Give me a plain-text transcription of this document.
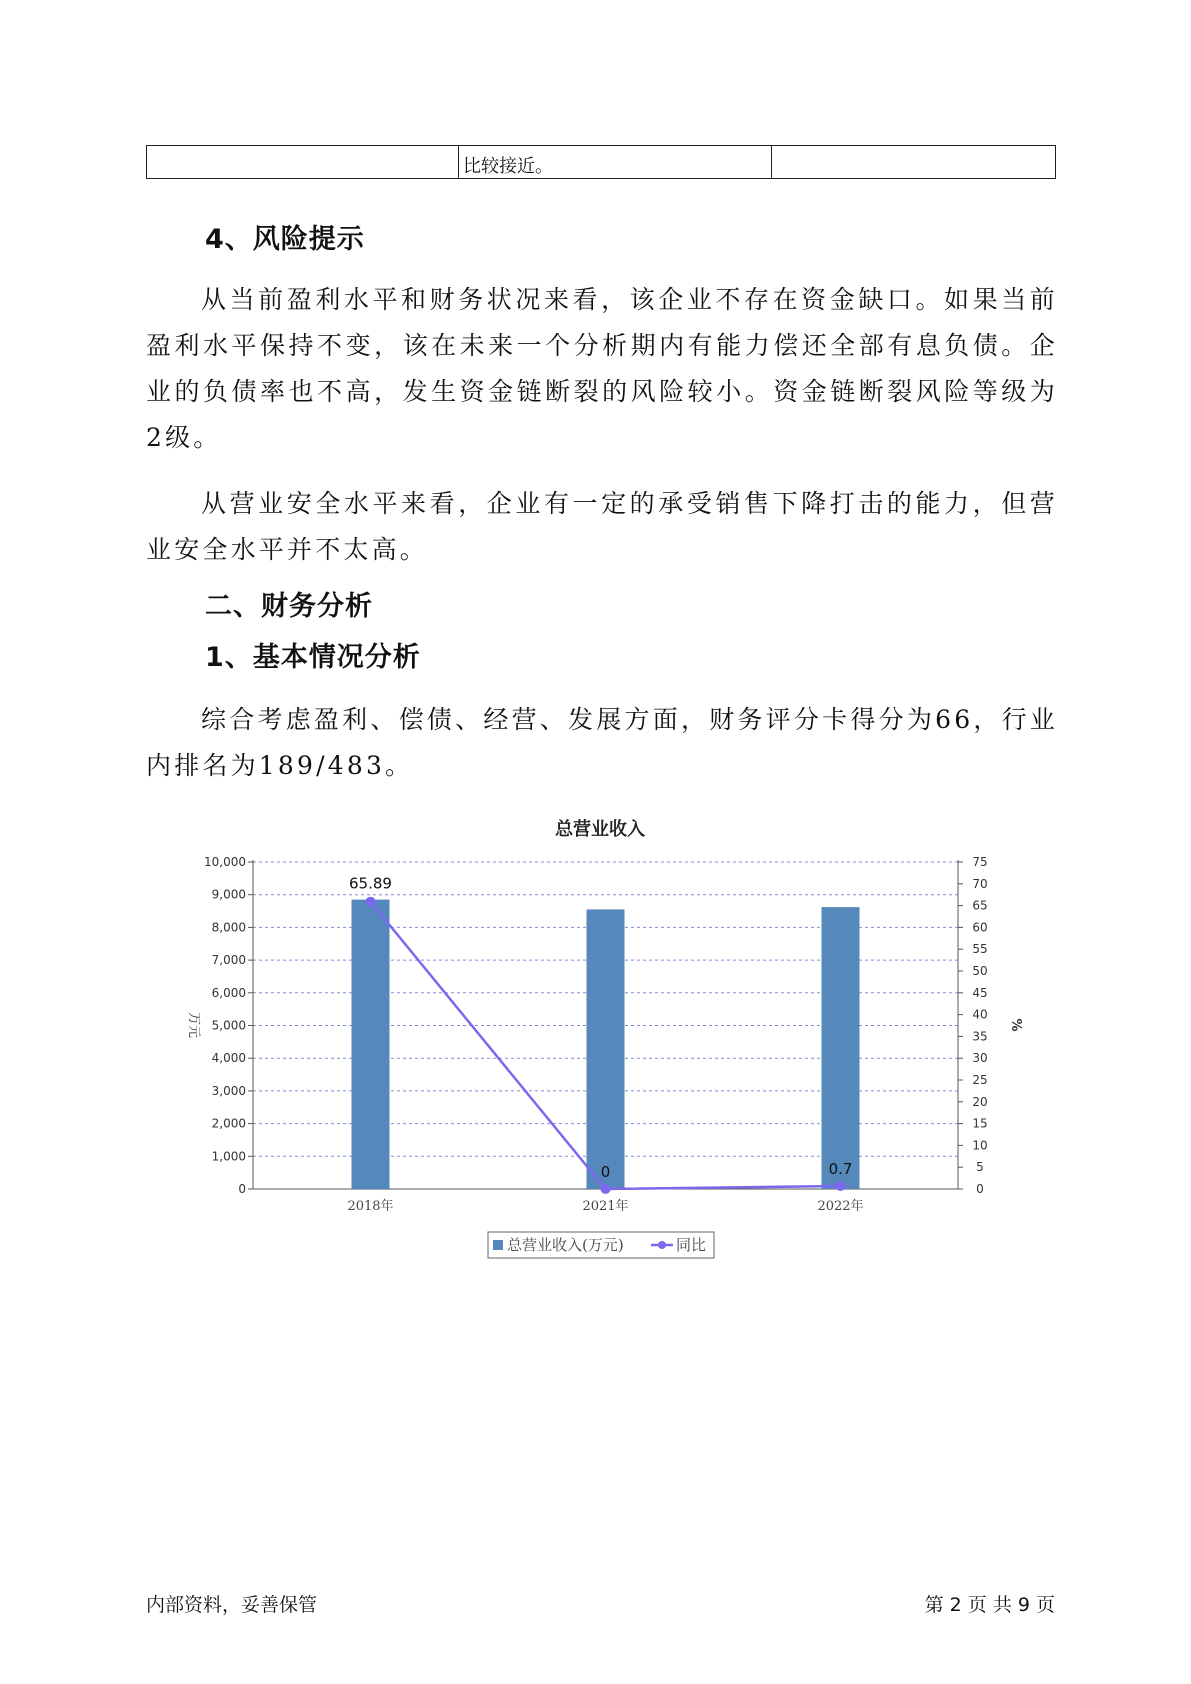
	比较接近。	
4、风险提示

从当前盈利水平和财务状况来看，该企业不存在资金缺口。如果当前盈利水平保持不变，该在未来一个分析期内有能力偿还全部有息负债。企业的负债率也不高，发生资金链断裂的风险较小。资金链断裂风险等级为2级。

从营业安全水平来看，企业有一定的承受销售下降打击的能力，但营业安全水平并不太高。

二、财务分析
1、基本情况分析

综合考虑盈利、偿债、经营、发展方面，财务评分卡得分为66，行业内排名为189/483。

总营业收入
0
1,000
2,000
3,000
4,000
5,000
6,000
7,000
8,000
9,000
10,000
0
5
10
15
20
25
30
35
40
45
50
55
60
65
70
75
万元	%
2018年	2021年	2022年
65.89
0	0.7
总营业收入(万元)	同比
内部资料，妥善保管	第 2 页 共 9 页
